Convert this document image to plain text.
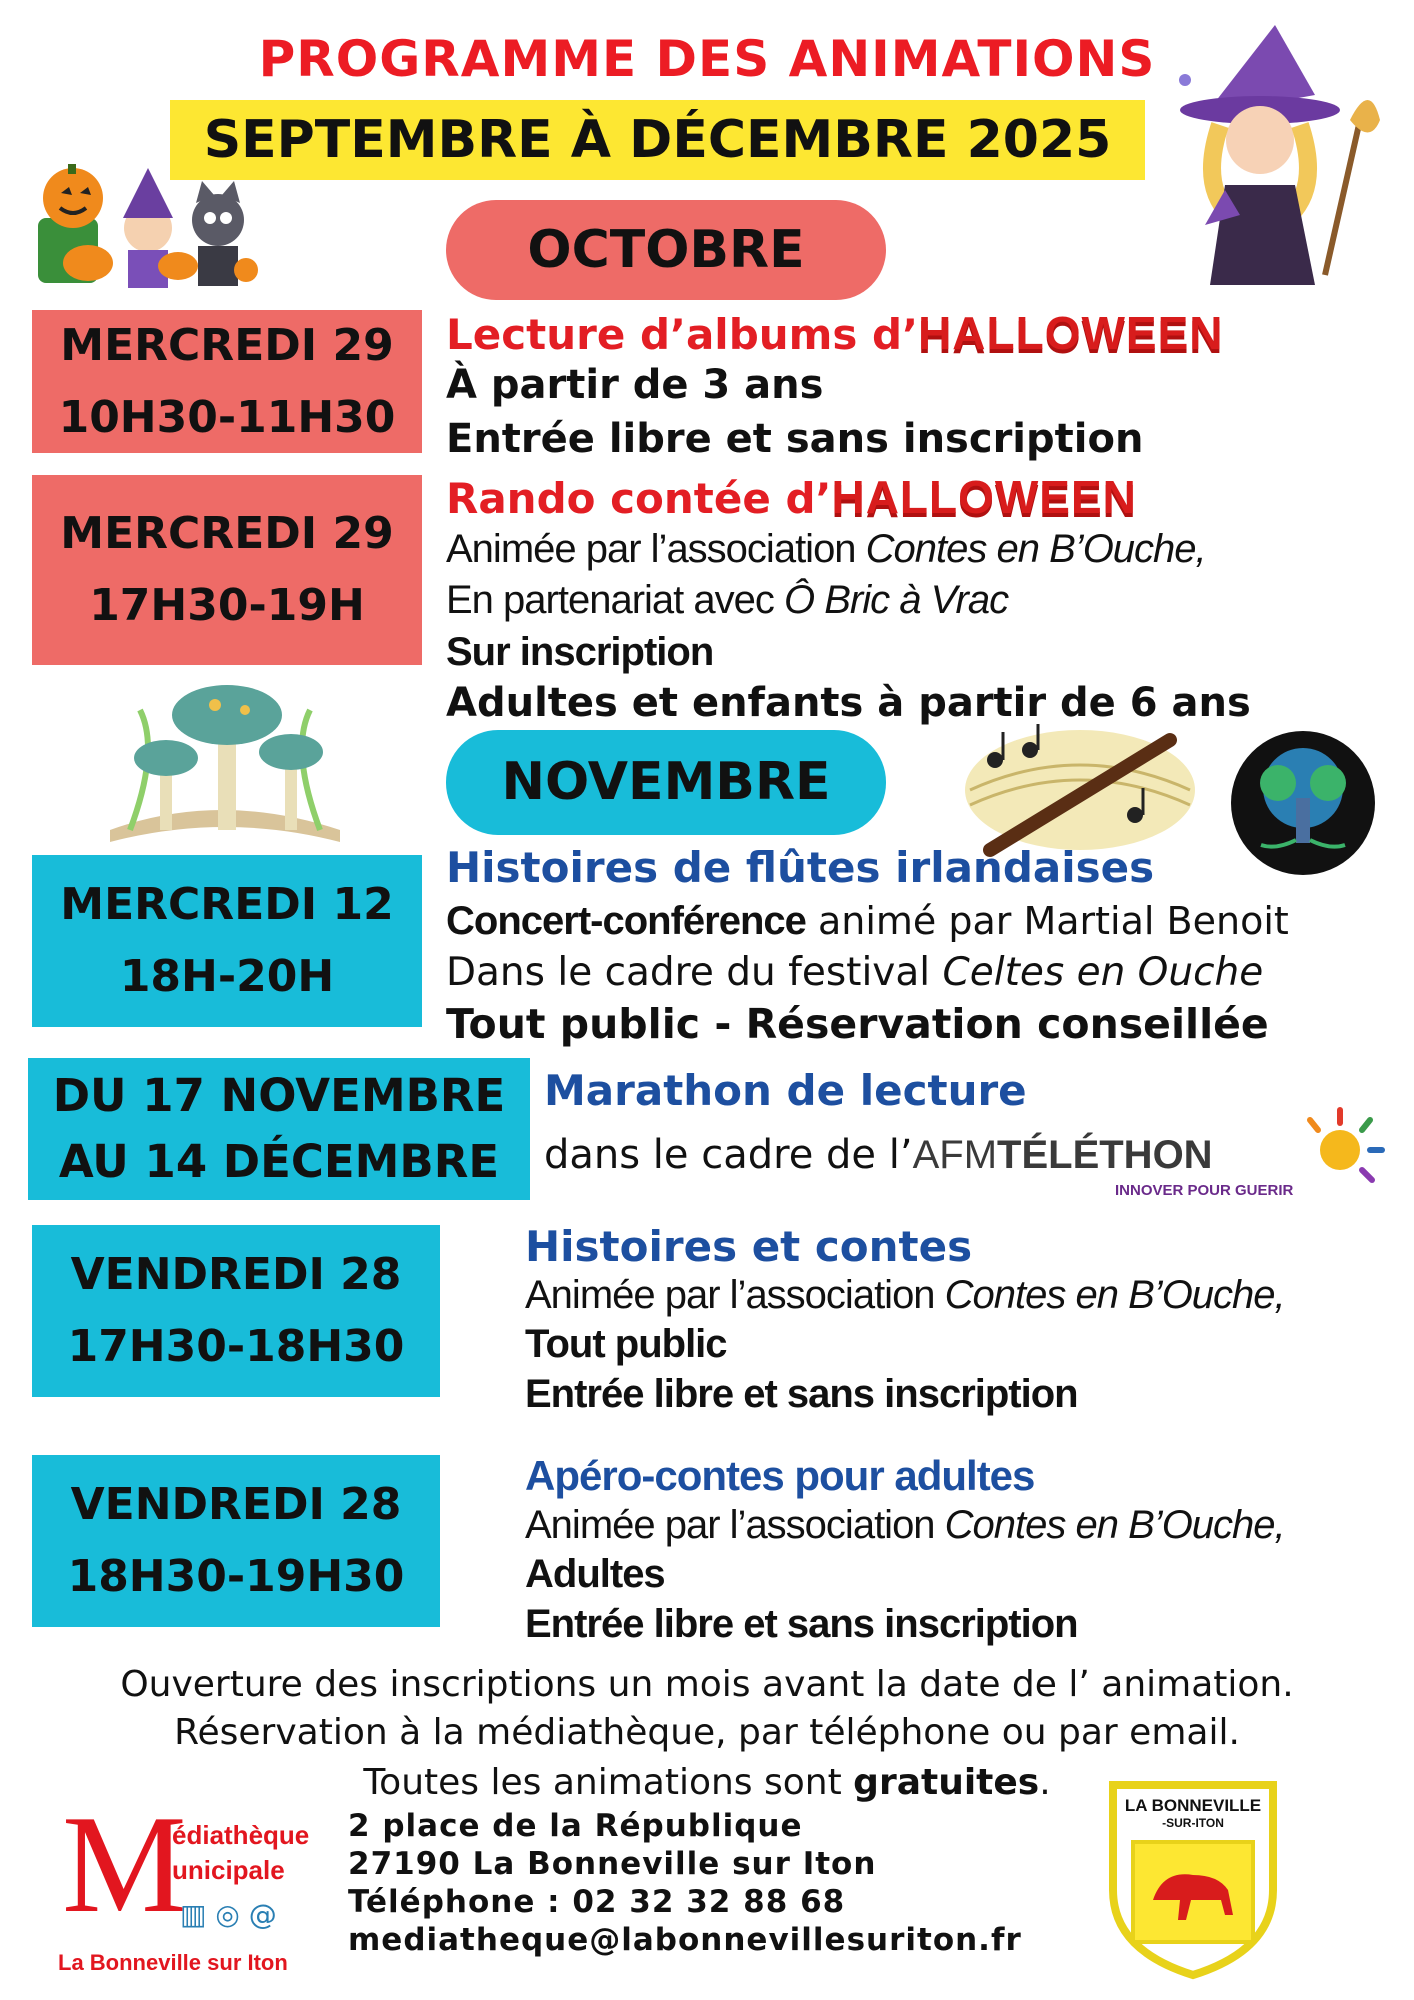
PROGRAMME DES ANIMATIONS
SEPTEMBRE À DÉCEMBRE 2025
OCTOBRE
MERCREDI 29
10H30-11H30
Lecture d’albums d’HALLOWEEN
À partir de 3 ans
Entrée libre et sans inscription
MERCREDI 29
17H30-19H
Rando contée d’HALLOWEEN
Animée par l’association Contes en B’Ouche,
En partenariat avec Ô Bric à Vrac
Sur inscription
Adultes et enfants à partir de 6 ans
NOVEMBRE
MERCREDI 12
18H-20H
Histoires de flûtes irlandaises
Concert-conférence animé par Martial Benoit
Dans le cadre du festival Celtes en Ouche
Tout public - Réservation conseillée
DU 17 NOVEMBRE
AU 14 DÉCEMBRE
Marathon de lecture
dans le cadre de l’AFMTÉLÉTHON
INNOVER POUR GUERIR
VENDREDI 28
17H30-18H30
Histoires et contes
Animée par l’association Contes en B’Ouche,
Tout public
Entrée libre et sans inscription
VENDREDI 28
18H30-19H30
Apéro-contes pour adultes
Animée par l’association Contes en B’Ouche,
Adultes
Entrée libre et sans inscription
Ouverture des inscriptions un mois avant la date de l’ animation.
Réservation à la médiathèque, par téléphone ou par email.
Toutes les animations sont gratuites.
M
édiathèque
unicipale
▥ ◎ @
La Bonneville sur Iton
2 place de la République
27190 La Bonneville sur Iton
Téléphone : 02 32 32 88 68
mediatheque@labonnevillesuriton.fr
LA BONNEVILLE
-SUR-ITON
